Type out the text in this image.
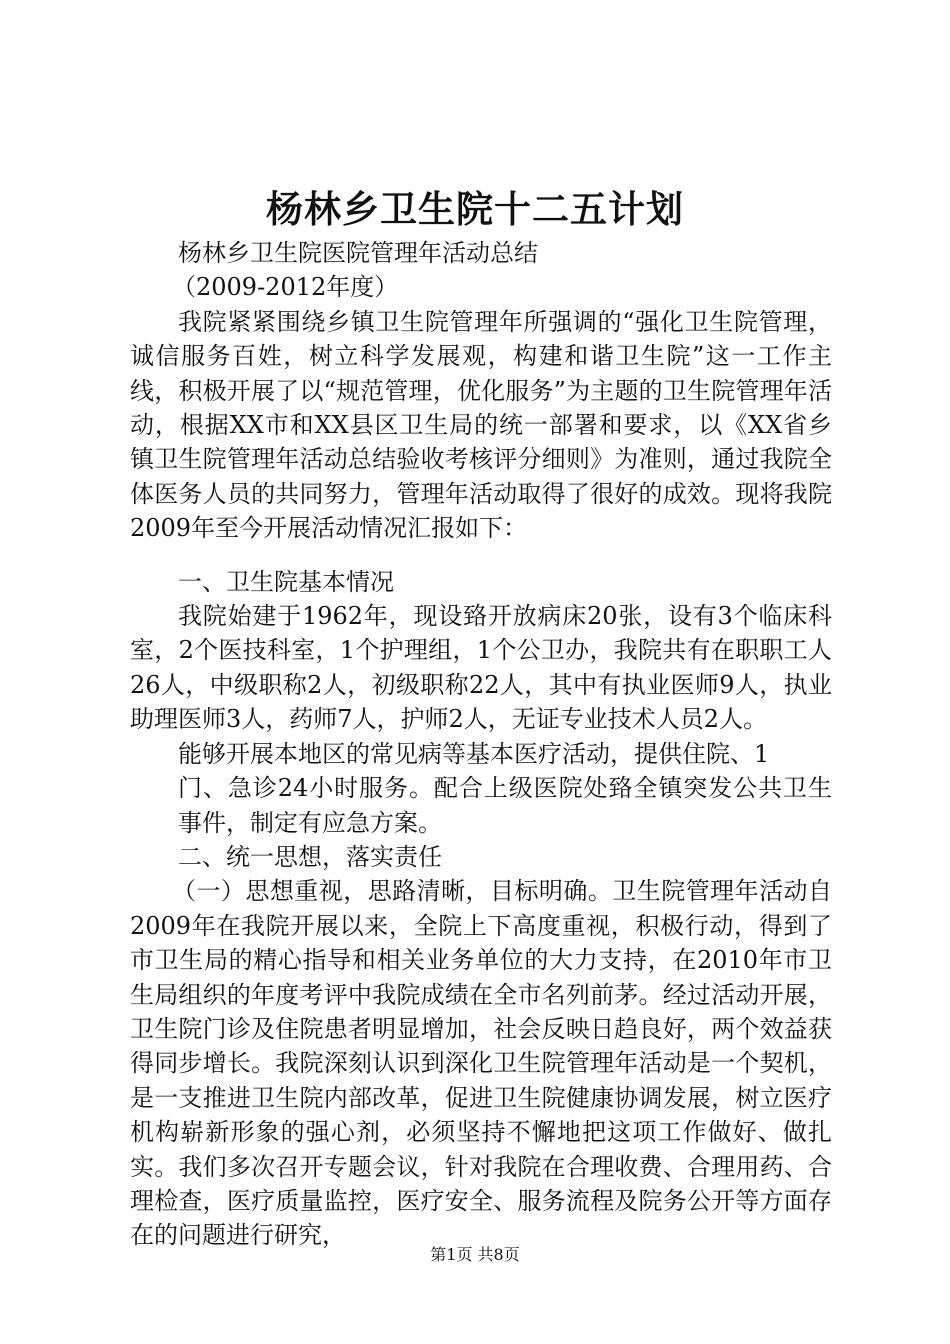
杨林乡卫生院十二五计划

杨林乡卫生院医院管理年活动总结

（2009-2012年度）

我院紧紧围绕乡镇卫生院管理年所强调的“强化卫生院管理，诚信服务百姓，树立科学发展观，构建和谐卫生院”这一工作主线，积极开展了以“规范管理，优化服务”为主题的卫生院管理年活动，根据XX市和XX县区卫生局的统一部署和要求，以《XX省乡镇卫生院管理年活动总结验收考核评分细则》为准则，通过我院全体医务人员的共同努力，管理年活动取得了很好的成效。现将我院2009年至今开展活动情况汇报如下：

一、卫生院基本情况

我院始建于1962年，现设臵开放病床20张，设有3个临床科室，2个医技科室，1个护理组，1个公卫办，我院共有在职职工人26人，中级职称2人，初级职称22人，其中有执业医师9人，执业助理医师3人，药师7人，护师2人，无证专业技术人员2人。

能够开展本地区的常见病等基本医疗活动，提供住院、1

门、急诊24小时服务。配合上级医院处臵全镇突发公共卫生事件，制定有应急方案。

二、统一思想，落实责任

（一）思想重视，思路清晰，目标明确。卫生院管理年活动自2009年在我院开展以来，全院上下高度重视，积极行动，得到了市卫生局的精心指导和相关业务单位的大力支持，在2010年市卫生局组织的年度考评中我院成绩在全市名列前茅。经过活动开展，卫生院门诊及住院患者明显增加，社会反映日趋良好，两个效益获得同步增长。我院深刻认识到深化卫生院管理年活动是一个契机，是一支推进卫生院内部改革，促进卫生院健康协调发展，树立医疗机构崭新形象的强心剂，必须坚持不懈地把这项工作做好、做扎实。我们多次召开专题会议，针对我院在合理收费、合理用药、合理检查，医疗质量监控，医疗安全、服务流程及院务公开等方面存在的问题进行研究，

第1页 共8页
